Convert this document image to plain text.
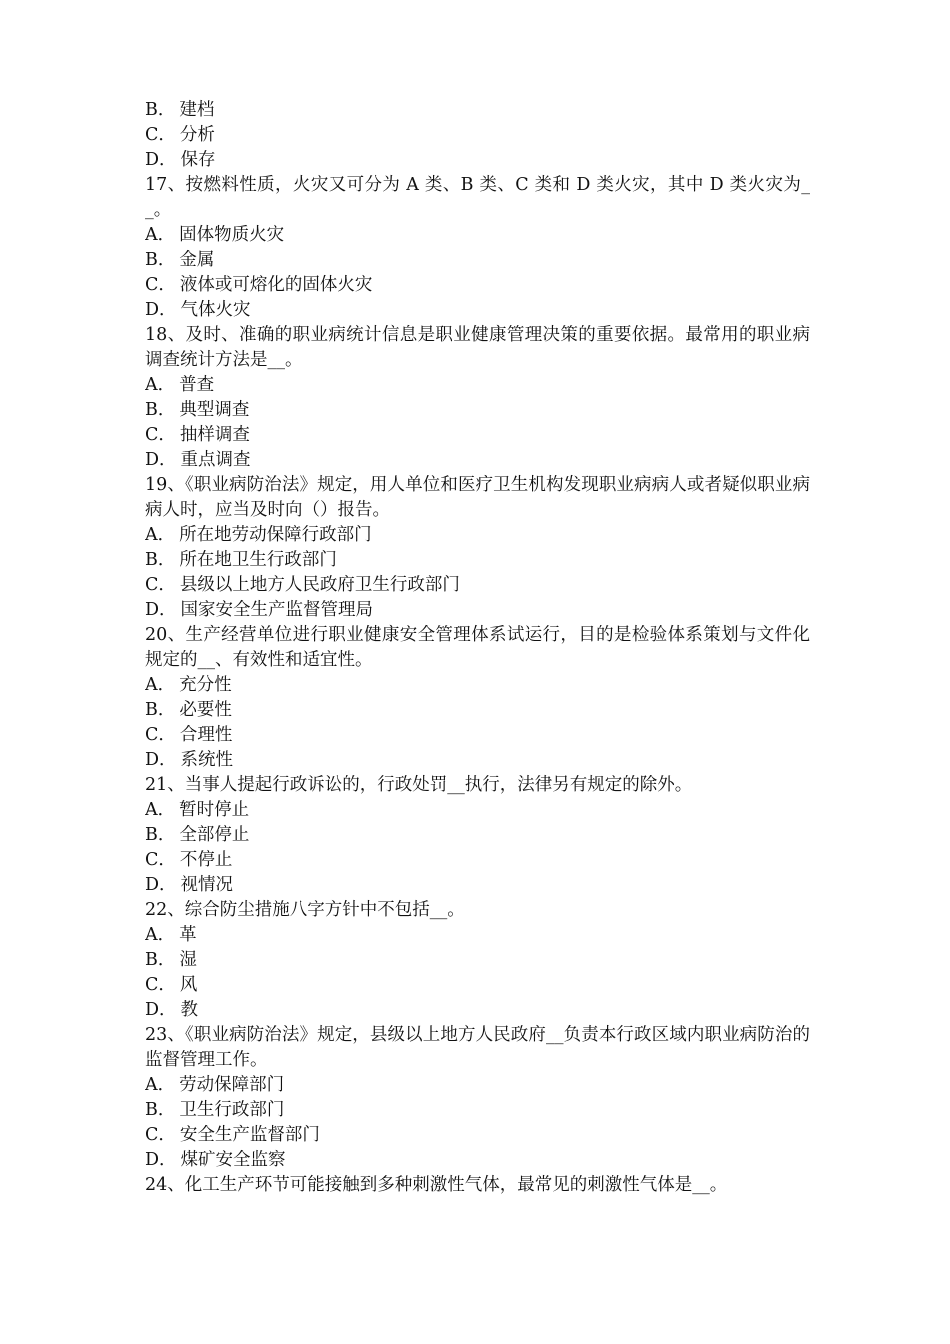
B． 建档
C． 分析
D． 保存
17、按燃料性质，火灾又可分为 A 类、B 类、C 类和 D 类火灾，其中 D 类火灾为__。
A． 固体物质火灾
B． 金属
C． 液体或可熔化的固体火灾
D． 气体火灾
18、及时、准确的职业病统计信息是职业健康管理决策的重要依据。最常用的职业病调查统计方法是__。
A． 普查
B． 典型调查
C． 抽样调查
D． 重点调查
19、《职业病防治法》规定，用人单位和医疗卫生机构发现职业病病人或者疑似职业病病人时，应当及时向（）报告。
A． 所在地劳动保障行政部门
B． 所在地卫生行政部门
C． 县级以上地方人民政府卫生行政部门
D． 国家安全生产监督管理局
20、生产经营单位进行职业健康安全管理体系试运行，目的是检验体系策划与文件化规定的__、有效性和适宜性。
A． 充分性
B． 必要性
C． 合理性
D． 系统性
21、当事人提起行政诉讼的，行政处罚__执行，法律另有规定的除外。
A． 暂时停止
B． 全部停止
C． 不停止
D． 视情况
22、综合防尘措施八字方针中不包括__。
A． 革
B． 湿
C． 风
D． 教
23、《职业病防治法》规定，县级以上地方人民政府__负责本行政区域内职业病防治的监督管理工作。
A． 劳动保障部门
B． 卫生行政部门
C． 安全生产监督部门
D． 煤矿安全监察
24、化工生产环节可能接触到多种刺激性气体，最常见的刺激性气体是__。
